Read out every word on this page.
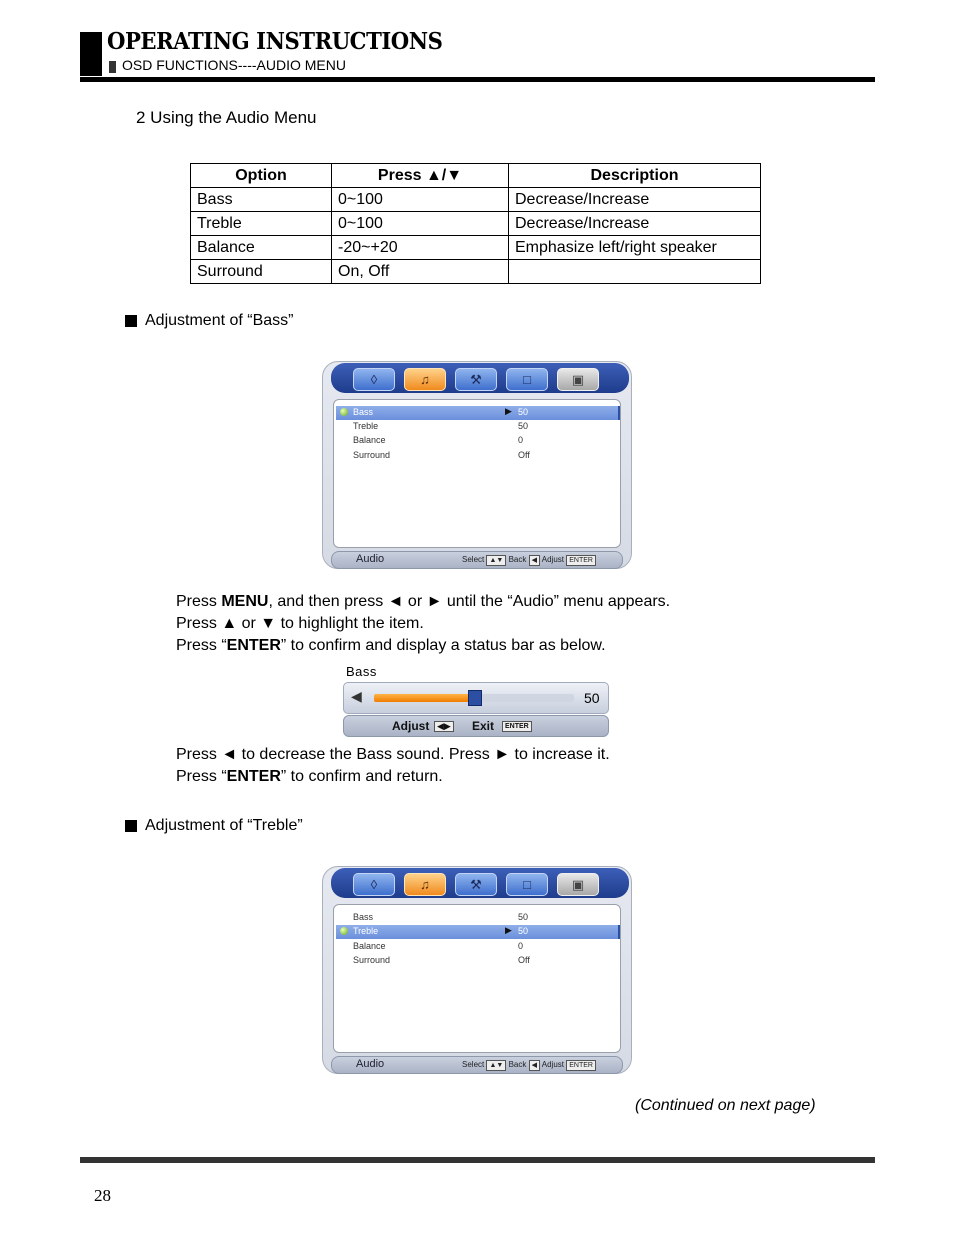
OPERATING INSTRUCTIONS
OSD FUNCTIONS----AUDIO MENU
2 Using the Audio Menu
Option	Press ▲/▼	Description
Bass	0~100	Decrease/Increase
Treble	0~100	Decrease/Increase
Balance	-20~+20	Emphasize left/right speaker
Surround	On, Off	
Adjustment of “Bass”
◊	♫	⚒	□	▣
Bass	▶ 50
Treble	50
Balance	0
Surround	Off
Audio	Select ▲▼ Back ◀ Adjust ENTER
Press MENU, and then press ◄ or ► until the “Audio” menu appears.
Press ▲ or ▼ to highlight the item.
Press “ENTER” to confirm and display a status bar as below.
Bass
◀	50
Adjust ◀▶ Exit	ENTER
Press ◄ to decrease the Bass sound. Press ► to increase it.
Press “ENTER” to confirm and return.
Adjustment of “Treble”
◊	♫	⚒	□	▣
Bass	50
Treble	▶ 50
Balance	0
Surround	Off
Audio	Select ▲▼ Back ◀ Adjust ENTER
(Continued on next page)
28
